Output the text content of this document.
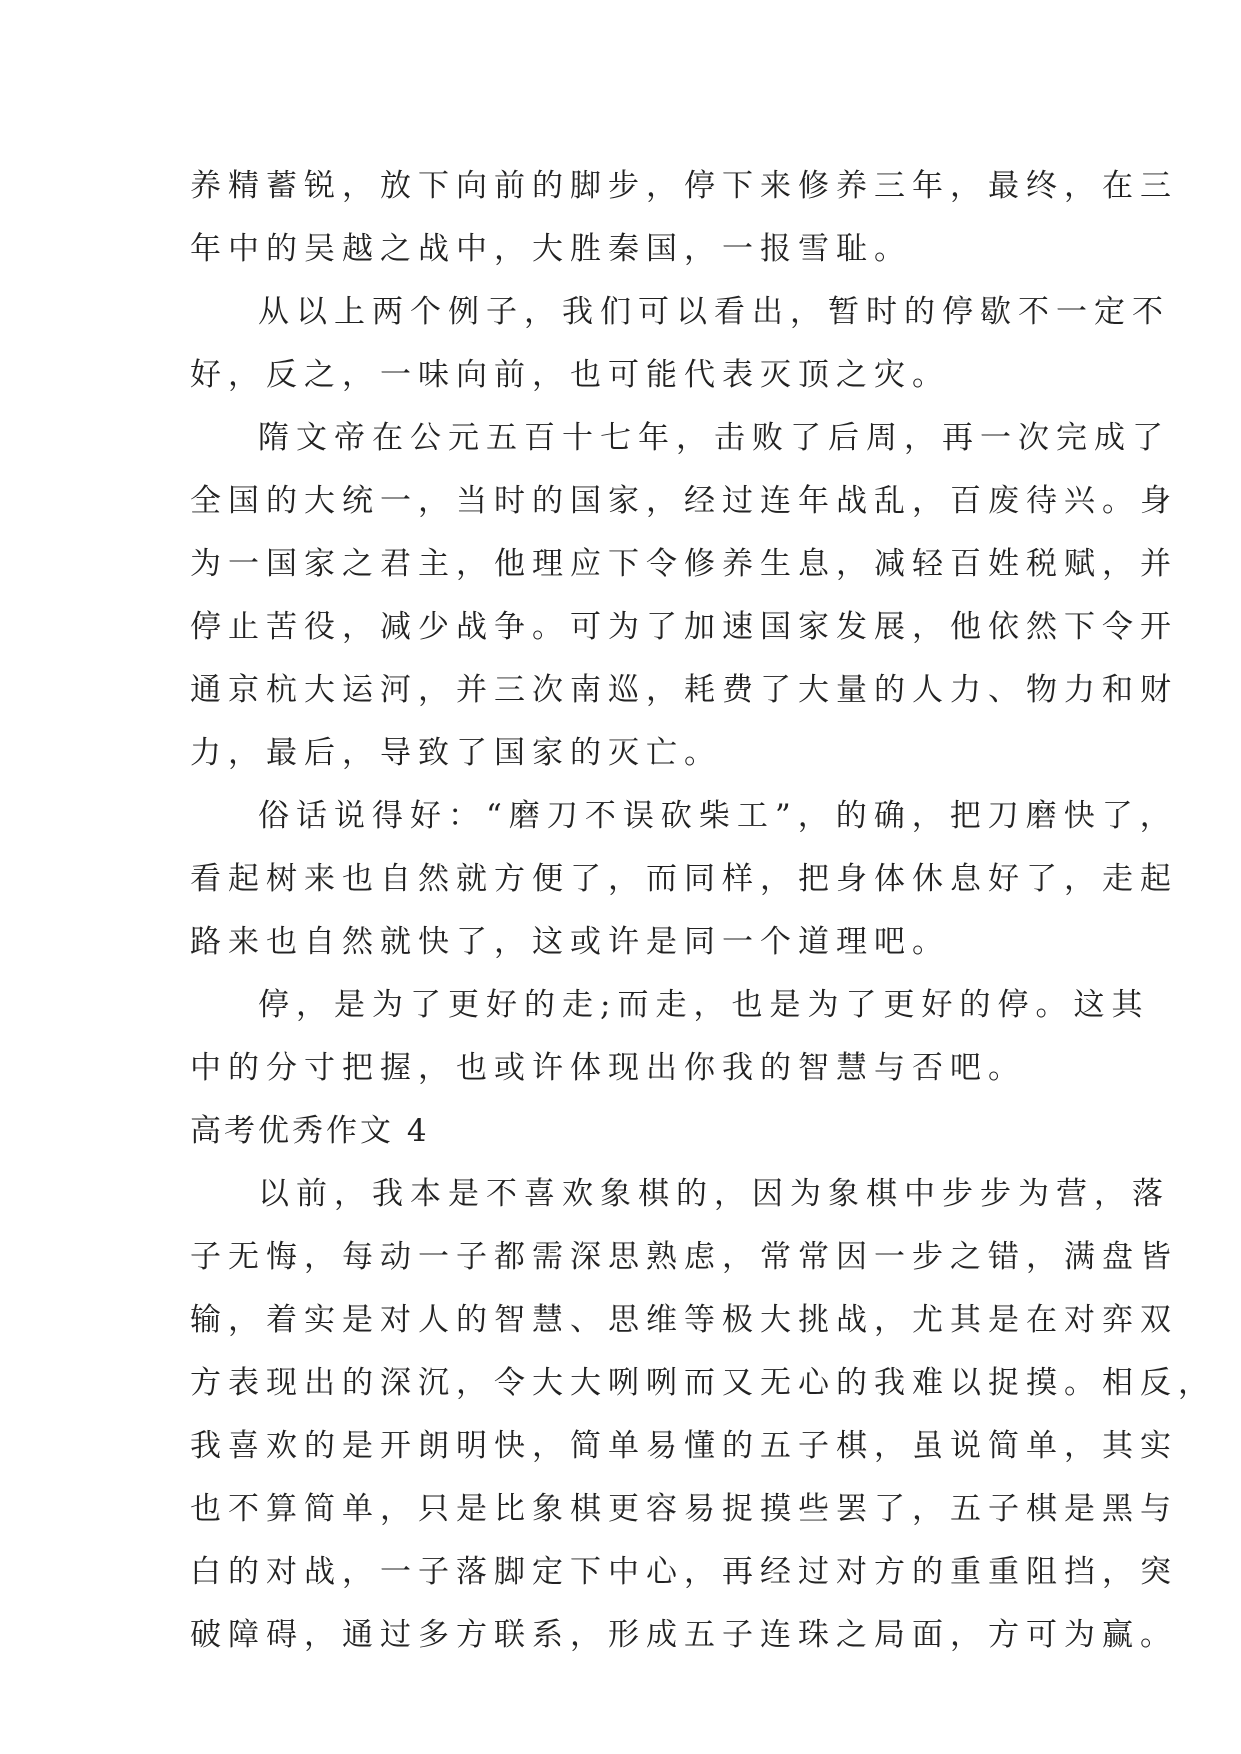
养精蓄锐，放下向前的脚步，停下来修养三年，最终，在三
年中的吴越之战中，大胜秦国，一报雪耻。
从以上两个例子，我们可以看出，暂时的停歇不一定不
好，反之，一味向前，也可能代表灭顶之灾。
隋文帝在公元五百十七年，击败了后周，再一次完成了
全国的大统一，当时的国家，经过连年战乱，百废待兴。身
为一国家之君主，他理应下令修养生息，减轻百姓税赋，并
停止苦役，减少战争。可为了加速国家发展，他依然下令开
通京杭大运河，并三次南巡，耗费了大量的人力、物力和财
力，最后，导致了国家的灭亡。
俗话说得好：“磨刀不误砍柴工”，的确，把刀磨快了，
看起树来也自然就方便了，而同样，把身体休息好了，走起
路来也自然就快了，这或许是同一个道理吧。
停，是为了更好的走;而走，也是为了更好的停。这其
中的分寸把握，也或许体现出你我的智慧与否吧。
高考优秀作文 4
以前，我本是不喜欢象棋的，因为象棋中步步为营，落
子无悔，每动一子都需深思熟虑，常常因一步之错，满盘皆
输，着实是对人的智慧、思维等极大挑战，尤其是在对弈双
方表现出的深沉，令大大咧咧而又无心的我难以捉摸。相反，
我喜欢的是开朗明快，简单易懂的五子棋，虽说简单，其实
也不算简单，只是比象棋更容易捉摸些罢了，五子棋是黑与
白的对战，一子落脚定下中心，再经过对方的重重阻挡，突
破障碍，通过多方联系，形成五子连珠之局面，方可为赢。
